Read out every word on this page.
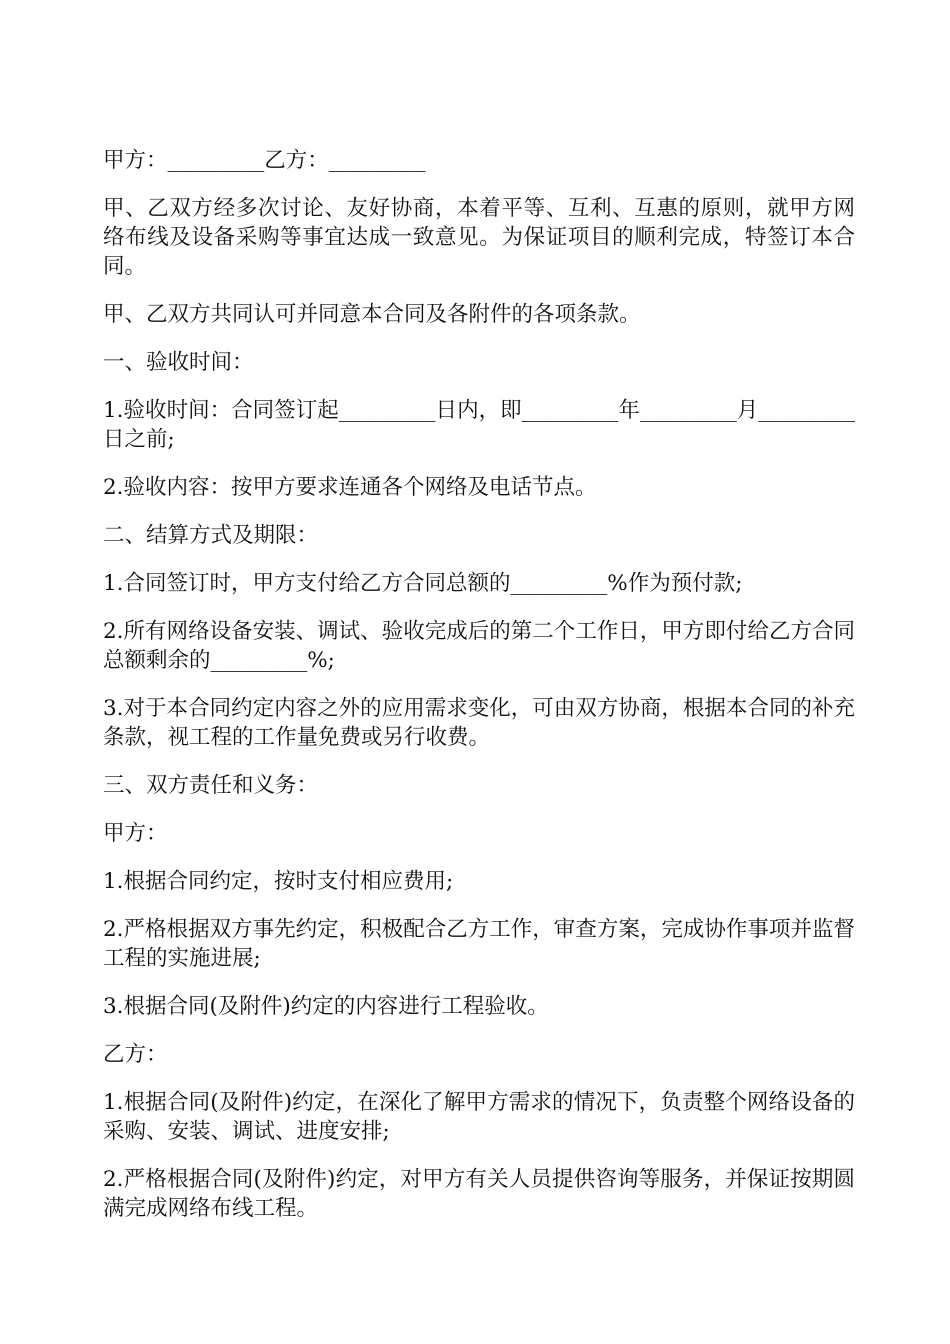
甲方：_________乙方：_________

甲、乙双方经多次讨论、友好协商，本着平等、互利、互惠的原则，就甲方网络布线及设备采购等事宜达成一致意见。为保证项目的顺利完成，特签订本合同。

甲、乙双方共同认可并同意本合同及各附件的各项条款。

一、验收时间：

1.验收时间：合同签订起_________日内，即_________年_________月_________日之前;

2.验收内容：按甲方要求连通各个网络及电话节点。

二、结算方式及期限：

1.合同签订时，甲方支付给乙方合同总额的_________%作为预付款;

2.所有网络设备安装、调试、验收完成后的第二个工作日，甲方即付给乙方合同总额剩余的_________%;

3.对于本合同约定内容之外的应用需求变化，可由双方协商，根据本合同的补充条款，视工程的工作量免费或另行收费。

三、双方责任和义务：

甲方：

1.根据合同约定，按时支付相应费用;

2.严格根据双方事先约定，积极配合乙方工作，审查方案，完成协作事项并监督工程的实施进展;

3.根据合同(及附件)约定的内容进行工程验收。

乙方：

1.根据合同(及附件)约定，在深化了解甲方需求的情况下，负责整个网络设备的采购、安装、调试、进度安排;

2.严格根据合同(及附件)约定，对甲方有关人员提供咨询等服务，并保证按期圆满完成网络布线工程。
